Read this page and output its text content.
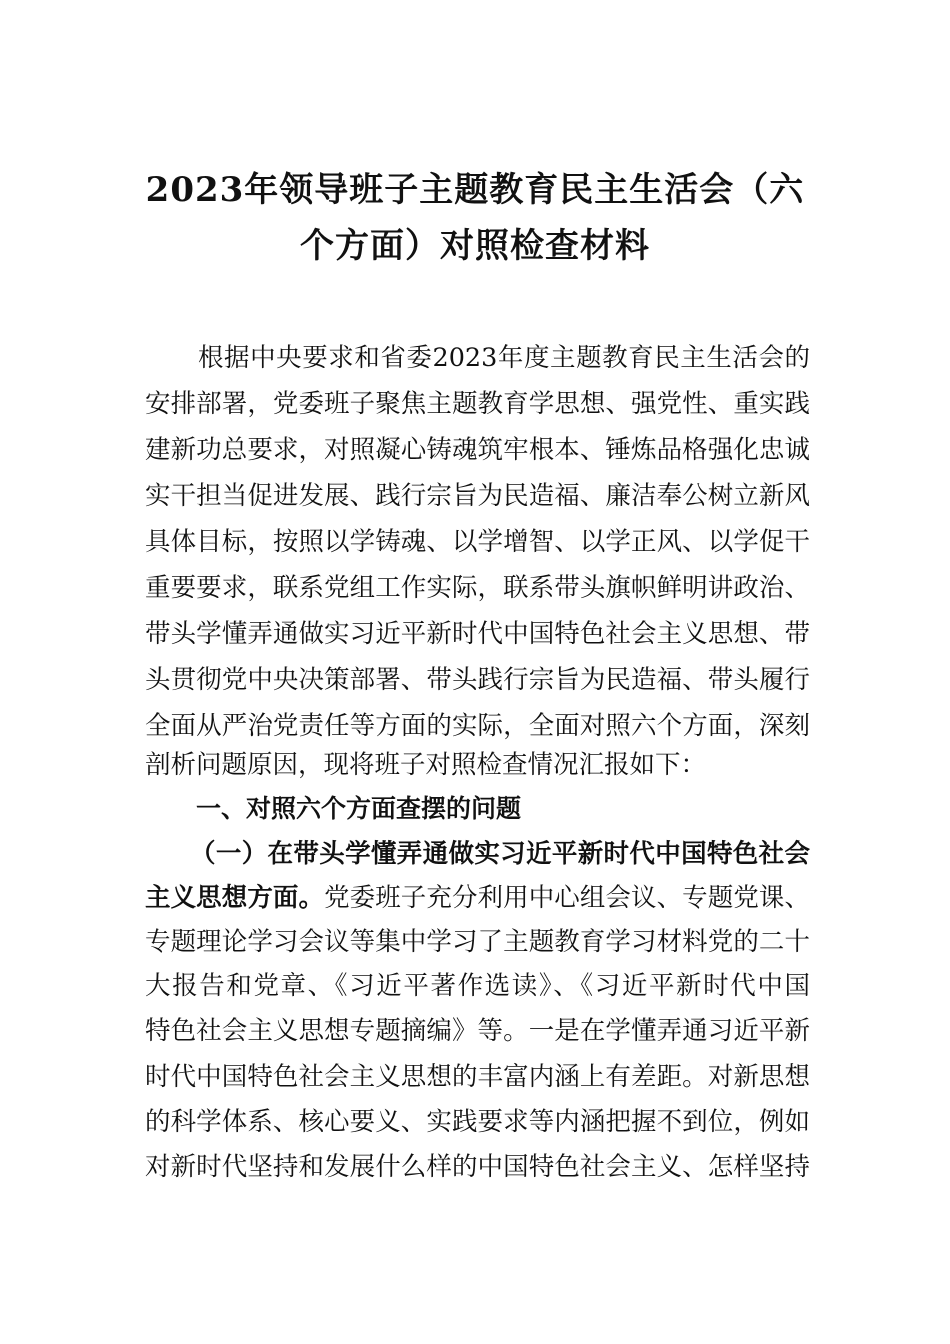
2023年领导班子主题教育民主生活会（六
个方面）对照检查材料
根据中央要求和省委2023年度主题教育民主生活会的
安排部署，党委班子聚焦主题教育学思想、强党性、重实践
建新功总要求，对照凝心铸魂筑牢根本、锤炼品格强化忠诚
实干担当促进发展、践行宗旨为民造福、廉洁奉公树立新风
具体目标，按照以学铸魂、以学增智、以学正风、以学促干
重要要求，联系党组工作实际，联系带头旗帜鲜明讲政治、
带头学懂弄通做实习近平新时代中国特色社会主义思想、带
头贯彻党中央决策部署、带头践行宗旨为民造福、带头履行
全面从严治党责任等方面的实际，全面对照六个方面，深刻
剖析问题原因，现将班子对照检查情况汇报如下：
一、对照六个方面查摆的问题
（一）在带头学懂弄通做实习近平新时代中国特色社会
主义思想方面。党委班子充分利用中心组会议、专题党课、
专题理论学习会议等集中学习了主题教育学习材料党的二十
大报告和党章、《习近平著作选读》、《习近平新时代中国
特色社会主义思想专题摘编》等。一是在学懂弄通习近平新
时代中国特色社会主义思想的丰富内涵上有差距。对新思想
的科学体系、核心要义、实践要求等内涵把握不到位，例如
对新时代坚持和发展什么样的中国特色社会主义、怎样坚持
